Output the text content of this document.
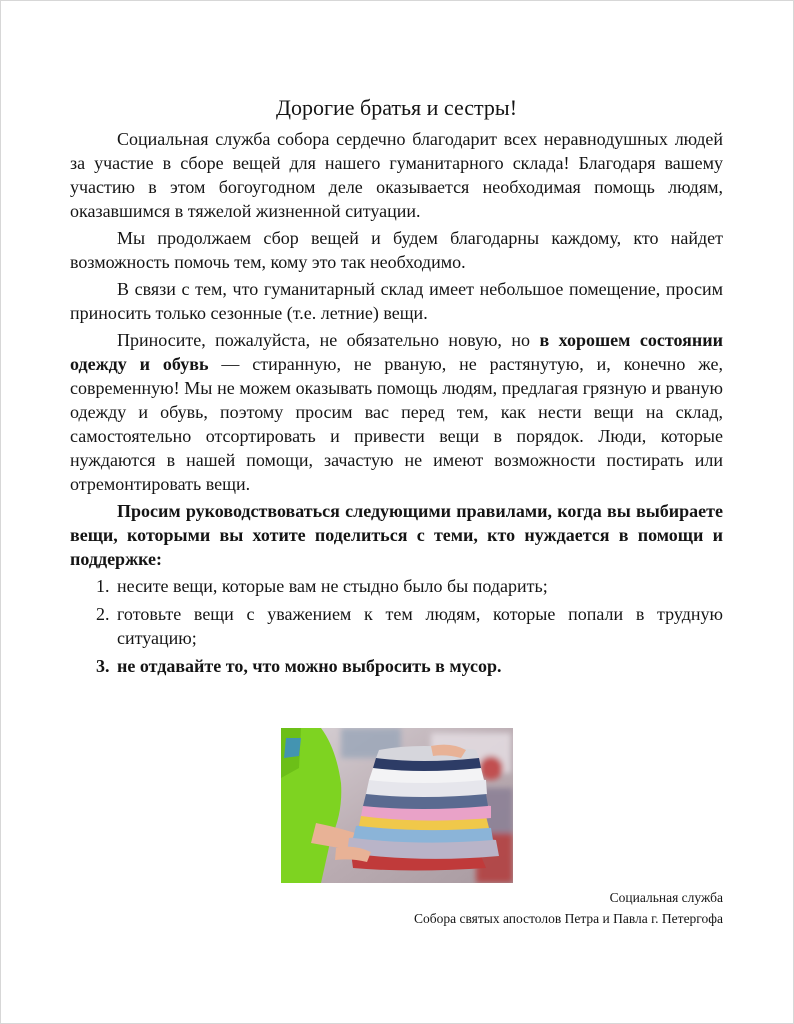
Дорогие братья и сестры!

Социальная служба собора сердечно благодарит всех неравнодушных людей за участие в сборе вещей для нашего гуманитарного склада! Благодаря вашему участию в этом богоугодном деле оказывается необходимая помощь людям, оказавшимся в тяжелой жизненной ситуации.

Мы продолжаем сбор вещей и будем благодарны каждому, кто найдет возможность помочь тем, кому это так необходимо.

В связи с тем, что гуманитарный склад имеет небольшое помещение, просим приносить только сезонные (т.е. летние) вещи.

Приносите, пожалуйста, не обязательно новую, но в хорошем состоянии одежду и обувь — стиранную, не рваную, не растянутую, и, конечно же, современную! Мы не можем оказывать помощь людям, предлагая грязную и рваную одежду и обувь, поэтому просим вас перед тем, как нести вещи на склад, самостоятельно отсортировать и привести вещи в порядок. Люди, которые нуждаются в нашей помощи, зачастую не имеют возможности постирать или отремонтировать вещи.

Просим руководствоваться следующими правилами, когда вы выбираете вещи, которыми вы хотите поделиться с теми, кто нуждается в помощи и поддержке:

1. несите вещи, которые вам не стыдно было бы подарить;
2. готовьте вещи с уважением к тем людям, которые попали в трудную ситуацию;
3. не отдавайте то, что можно выбросить в мусор.
Социальная служба
Собора святых апостолов Петра и Павла г. Петергофа
